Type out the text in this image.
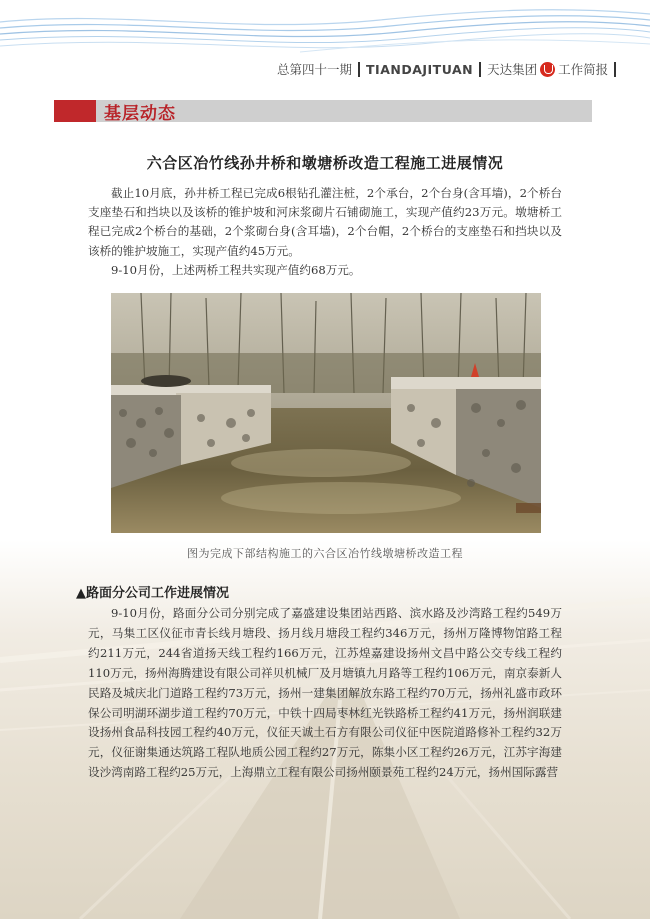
总第四十一期 TIANDAJITUAN 天达集团 工作简报
基层动态
六合区冶竹线孙井桥和墩塘桥改造工程施工进展情况

截止10月底，孙井桥工程已完成6根钻孔灌注桩，2个承台，2个台身(含耳墙)，2个桥台支座垫石和挡块以及该桥的锥护坡和河床浆砌片石铺砌施工，实现产值约23万元。墩塘桥工程已完成2个桥台的基础，2个浆砌台身(含耳墙)，2个台帽，2个桥台的支座垫石和挡块以及该桥的锥护坡施工，实现产值约45万元。

9-10月份，上述两桥工程共实现产值约68万元。

图为完成下部结构施工的六合区冶竹线墩塘桥改造工程
▲路面分公司工作进展情况

9-10月份，路面分公司分别完成了嘉盛建设集团站西路、滨水路及沙湾路工程约549万元，马集工区仪征市青长线月塘段、扬月线月塘段工程约346万元，扬州万隆博物馆路工程约211万元，244省道扬天线工程约166万元，江苏煌嘉建设扬州文昌中路公交专线工程约110万元，扬州海腾建设有限公司祥贝机械厂及月塘镇九月路等工程约106万元，南京泰新人民路及城庆北门道路工程约73万元，扬州一建集团解放东路工程约70万元，扬州礼盛市政环保公司明湖环湖步道工程约70万元，中铁十四局枣林红光铁路桥工程约41万元，扬州润联建设扬州食品科技园工程约40万元，仪征天诚土石方有限公司仪征中医院道路修补工程约32万元，仪征谢集通达筑路工程队地质公园工程约27万元，陈集小区工程约26万元，江苏宇海建设沙湾南路工程约25万元，上海鼎立工程有限公司扬州颐景苑工程约24万元，扬州国际露营
